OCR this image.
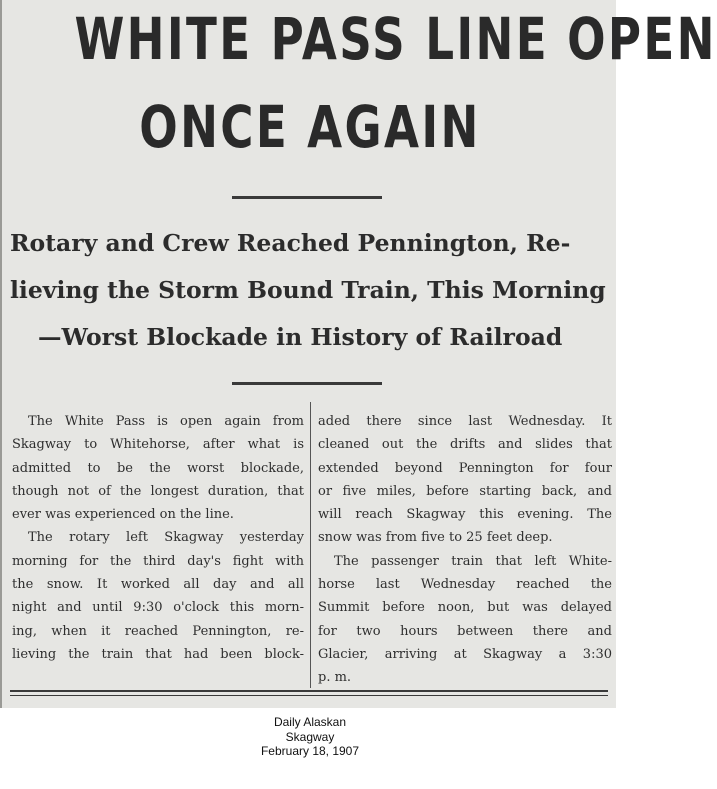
WHITE PASS LINE OPEN
ONCE AGAIN
Rotary and Crew Reached Pennington, Re-
lieving the Storm Bound Train, This Morning
—Worst Blockade in History of Railroad
The White Pass is open again from
Skagway to Whitehorse, after what is
admitted to be the worst blockade,
though not of the longest duration, that
ever was experienced on the line.
The rotary left Skagway yesterday
morning for the third day's fight with
the snow. It worked all day and all
night and until 9:30 o'clock this morn-
ing, when it reached Pennington, re-
lieving the train that had been block-
aded there since last Wednesday. It
cleaned out the drifts and slides that
extended beyond Pennington for four
or five miles, before starting back, and
will reach Skagway this evening. The
snow was from five to 25 feet deep.
The passenger train that left White-
horse last Wednesday reached the
Summit before noon, but was delayed
for two hours between there and
Glacier, arriving at Skagway a 3:30
p. m.
Daily Alaskan
Skagway
February 18, 1907
